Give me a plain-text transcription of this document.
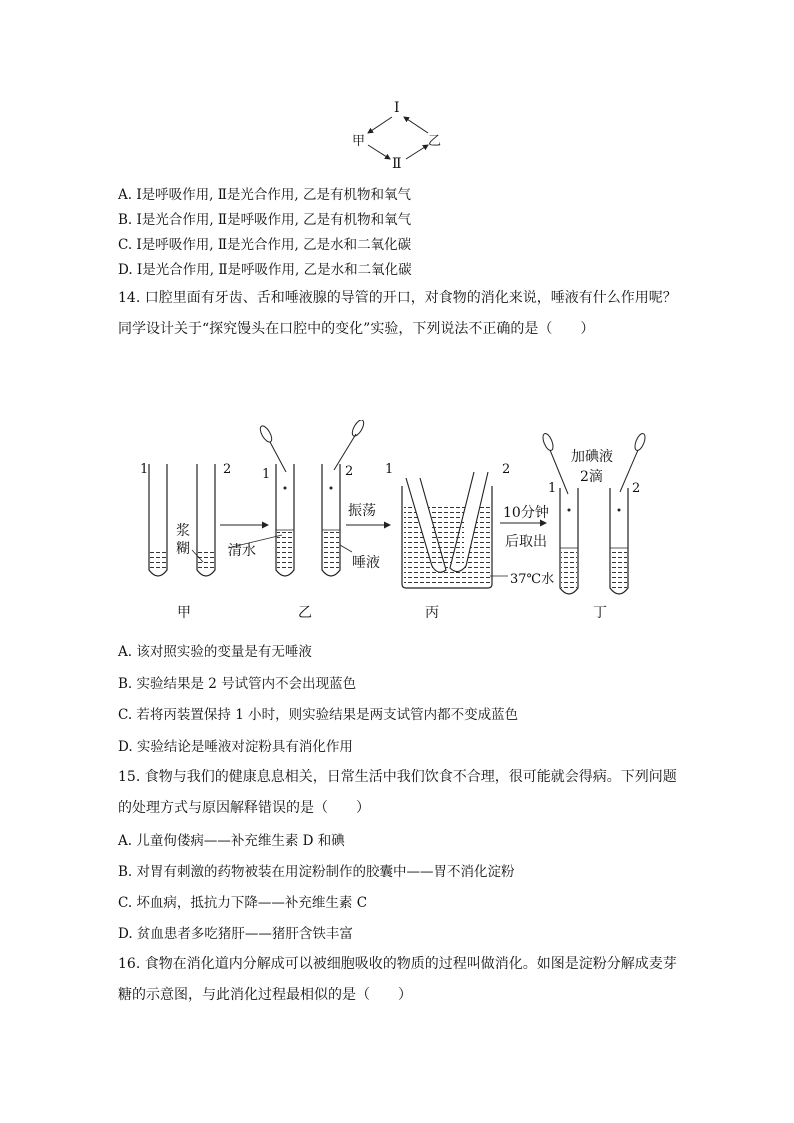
Ⅰ
甲	乙
Ⅱ
A. Ⅰ是呼吸作用, Ⅱ是光合作用, 乙是有机物和氧气
B. Ⅰ是光合作用, Ⅱ是呼吸作用, 乙是有机物和氧气
C. Ⅰ是呼吸作用, Ⅱ是光合作用, 乙是水和二氧化碳
D. Ⅰ是光合作用, Ⅱ是呼吸作用, 乙是水和二氧化碳
14. 口腔里面有牙齿、舌和唾液腺的导管的开口，对食物的消化来说，唾液有什么作用呢？
同学设计关于“探究馒头在口腔中的变化”实验，下列说法不正确的是（　　）
1	2
浆
糊	清水
1	2
唾液
振荡
1	2
10分钟
后取出
37℃水
加碘液
2滴
1	2
甲	乙	丙	丁
A. 该对照实验的变量是有无唾液
B. 实验结果是 2 号试管内不会出现蓝色
C. 若将丙装置保持 1 小时，则实验结果是两支试管内都不变成蓝色
D. 实验结论是唾液对淀粉具有消化作用
15. 食物与我们的健康息息相关，日常生活中我们饮食不合理，很可能就会得病。下列问题
的处理方式与原因解释错误的是（　　）
A. 儿童佝偻病——补充维生素 D 和碘
B. 对胃有刺激的药物被装在用淀粉制作的胶囊中——胃不消化淀粉
C. 坏血病，抵抗力下降——补充维生素 C
D. 贫血患者多吃猪肝——猪肝含铁丰富
16. 食物在消化道内分解成可以被细胞吸收的物质的过程叫做消化。如图是淀粉分解成麦芽
糖的示意图，与此消化过程最相似的是（　　）
